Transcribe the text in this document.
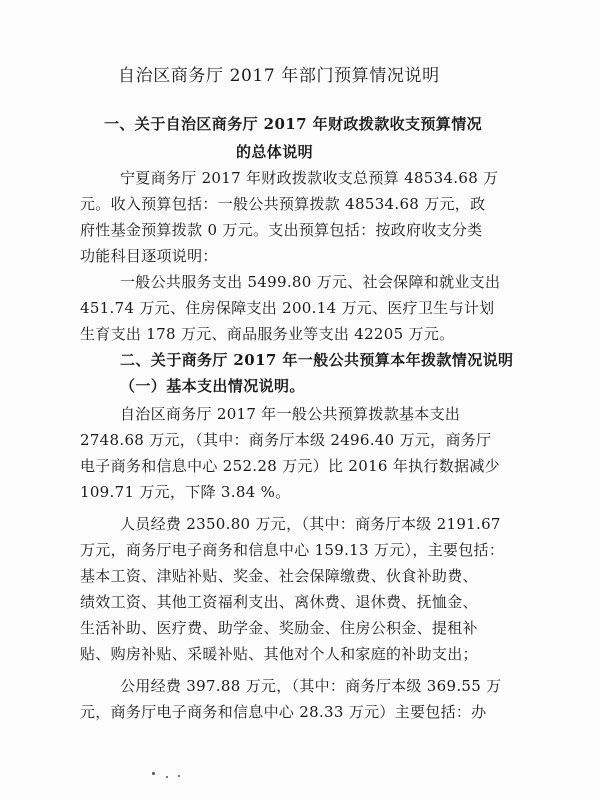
自治区商务厅 2017 年部门预算情况说明
一、关于自治区商务厅 2017 年财政拨款收支预算情况
的总体说明
宁夏商务厅 2017 年财政拨款收支总预算 48534.68 万
元。收入预算包括：一般公共预算拨款 48534.68 万元，政
府性基金预算拨款 0 万元。支出预算包括：按政府收支分类
功能科目逐项说明：
一般公共服务支出 5499.80 万元、社会保障和就业支出
451.74 万元、住房保障支出 200.14 万元、医疗卫生与计划
生育支出 178 万元、商品服务业等支出 42205 万元。
二、关于商务厅 2017 年一般公共预算本年拨款情况说明
（一）基本支出情况说明。
自治区商务厅 2017 年一般公共预算拨款基本支出
2748.68 万元，（其中：商务厅本级 2496.40 万元，商务厅
电子商务和信息中心 252.28 万元）比 2016 年执行数据减少
109.71 万元，下降 3.84 %。
人员经费 2350.80 万元，（其中：商务厅本级 2191.67
万元，商务厅电子商务和信息中心 159.13 万元），主要包括：
基本工资、津贴补贴、奖金、社会保障缴费、伙食补助费、
绩效工资、其他工资福利支出、离休费、退休费、抚恤金、
生活补助、医疗费、助学金、奖励金、住房公积金、提租补
贴、购房补贴、采暖补贴、其他对个人和家庭的补助支出；
公用经费 397.88 万元，（其中：商务厅本级 369.55 万
元，商务厅电子商务和信息中心 28.33 万元）主要包括：办
